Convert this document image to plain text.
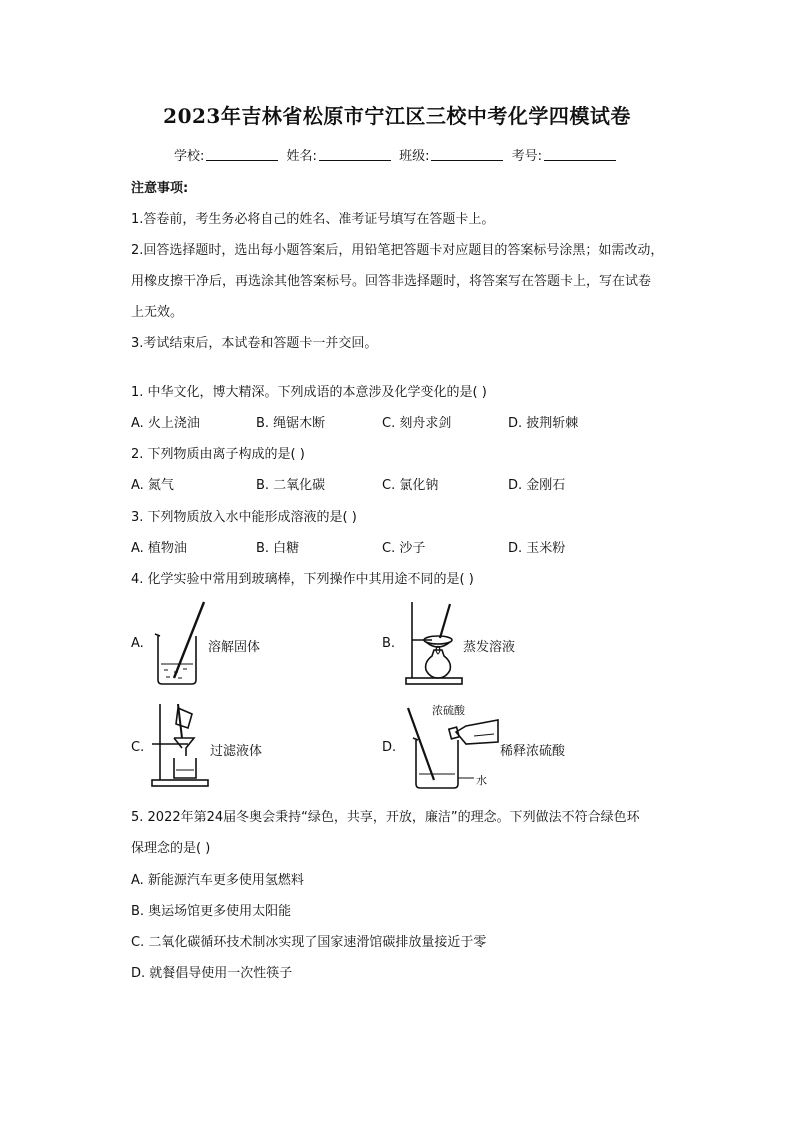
2023年吉林省松原市宁江区三校中考化学四模试卷
学校:	姓名:	班级:	考号:
注意事项:
1.答卷前，考生务必将自己的姓名、准考证号填写在答题卡上。
2.回答选择题时，选出每小题答案后，用铅笔把答题卡对应题目的答案标号涂黑；如需改动，
用橡皮擦干净后，再选涂其他答案标号。回答非选择题时，将答案写在答题卡上，写在试卷
上无效。
3.考试结束后，本试卷和答题卡一并交回。
1. 中华文化，博大精深。下列成语的本意涉及化学变化的是( )
A. 火上浇油	B. 绳锯木断	C. 刻舟求剑	D. 披荆斩棘
2. 下列物质由离子构成的是( )
A. 氮气	B. 二氧化碳	C. 氯化钠	D. 金刚石
3. 下列物质放入水中能形成溶液的是( )
A. 植物油	B. 白糖	C. 沙子	D. 玉米粉
4. 化学实验中常用到玻璃棒，下列操作中其用途不同的是( )
A.	溶解固体	B.	蒸发溶液
C.	过滤液体	D.
浓硫酸
水
稀释浓硫酸
5. 2022年第24届冬奥会秉持“绿色，共享，开放，廉洁”的理念。下列做法不符合绿色环
保理念的是( )
A. 新能源汽车更多使用氢燃料
B. 奥运场馆更多使用太阳能
C. 二氧化碳循环技术制冰实现了国家速滑馆碳排放量接近于零
D. 就餐倡导使用一次性筷子
